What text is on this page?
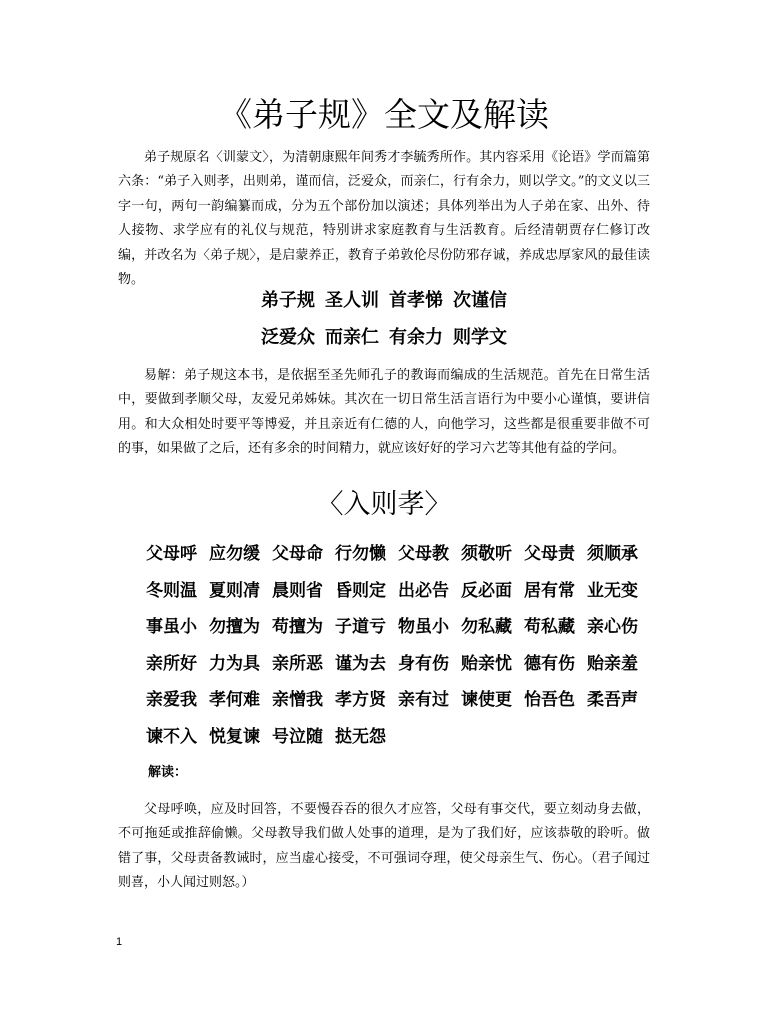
《弟子规》全文及解读

弟子规原名〈训蒙文〉，为清朝康熙年间秀才李毓秀所作。其内容采用《论语》学而篇第六条：“弟子入则孝，出则弟，谨而信，泛爱众，而亲仁，行有余力，则以学文。”的文义以三字一句，两句一韵编纂而成，分为五个部份加以演述；具体列举出为人子弟在家、出外、待人接物、求学应有的礼仪与规范，特别讲求家庭教育与生活教育。后经清朝贾存仁修订改编，并改名为〈弟子规〉，是启蒙养正，教育子弟敦伦尽份防邪存诚，养成忠厚家风的最佳读物。

弟子规 圣人训 首孝悌 次谨信
泛爱众 而亲仁 有余力 则学文

易解：弟子规这本书，是依据至圣先师孔子的教诲而编成的生活规范。首先在日常生活中，要做到孝顺父母，友爱兄弟姊妹。其次在一切日常生活言语行为中要小心谨慎，要讲信用。和大众相处时要平等博爱，并且亲近有仁德的人，向他学习，这些都是很重要非做不可的事，如果做了之后，还有多余的时间精力，就应该好好的学习六艺等其他有益的学问。

〈入则孝〉
父母呼 应勿缓 父母命 行勿懒 父母教 须敬听 父母责 须顺承
冬则温 夏则凊 晨则省 昏则定 出必告 反必面 居有常 业无变
事虽小 勿擅为 苟擅为 子道亏 物虽小 勿私藏 苟私藏 亲心伤
亲所好 力为具 亲所恶 谨为去 身有伤 贻亲忧 德有伤 贻亲羞
亲爱我 孝何难 亲憎我 孝方贤 亲有过 谏使更 怡吾色 柔吾声
谏不入 悦复谏 号泣随 挞无怨
解读：

父母呼唤，应及时回答，不要慢吞吞的很久才应答，父母有事交代，要立刻动身去做，不可拖延或推辞偷懒。父母教导我们做人处事的道理，是为了我们好，应该恭敬的聆听。做错了事，父母责备教诫时，应当虚心接受，不可强词夺理，使父母亲生气、伤心。（君子闻过则喜，小人闻过则怒。）

1
